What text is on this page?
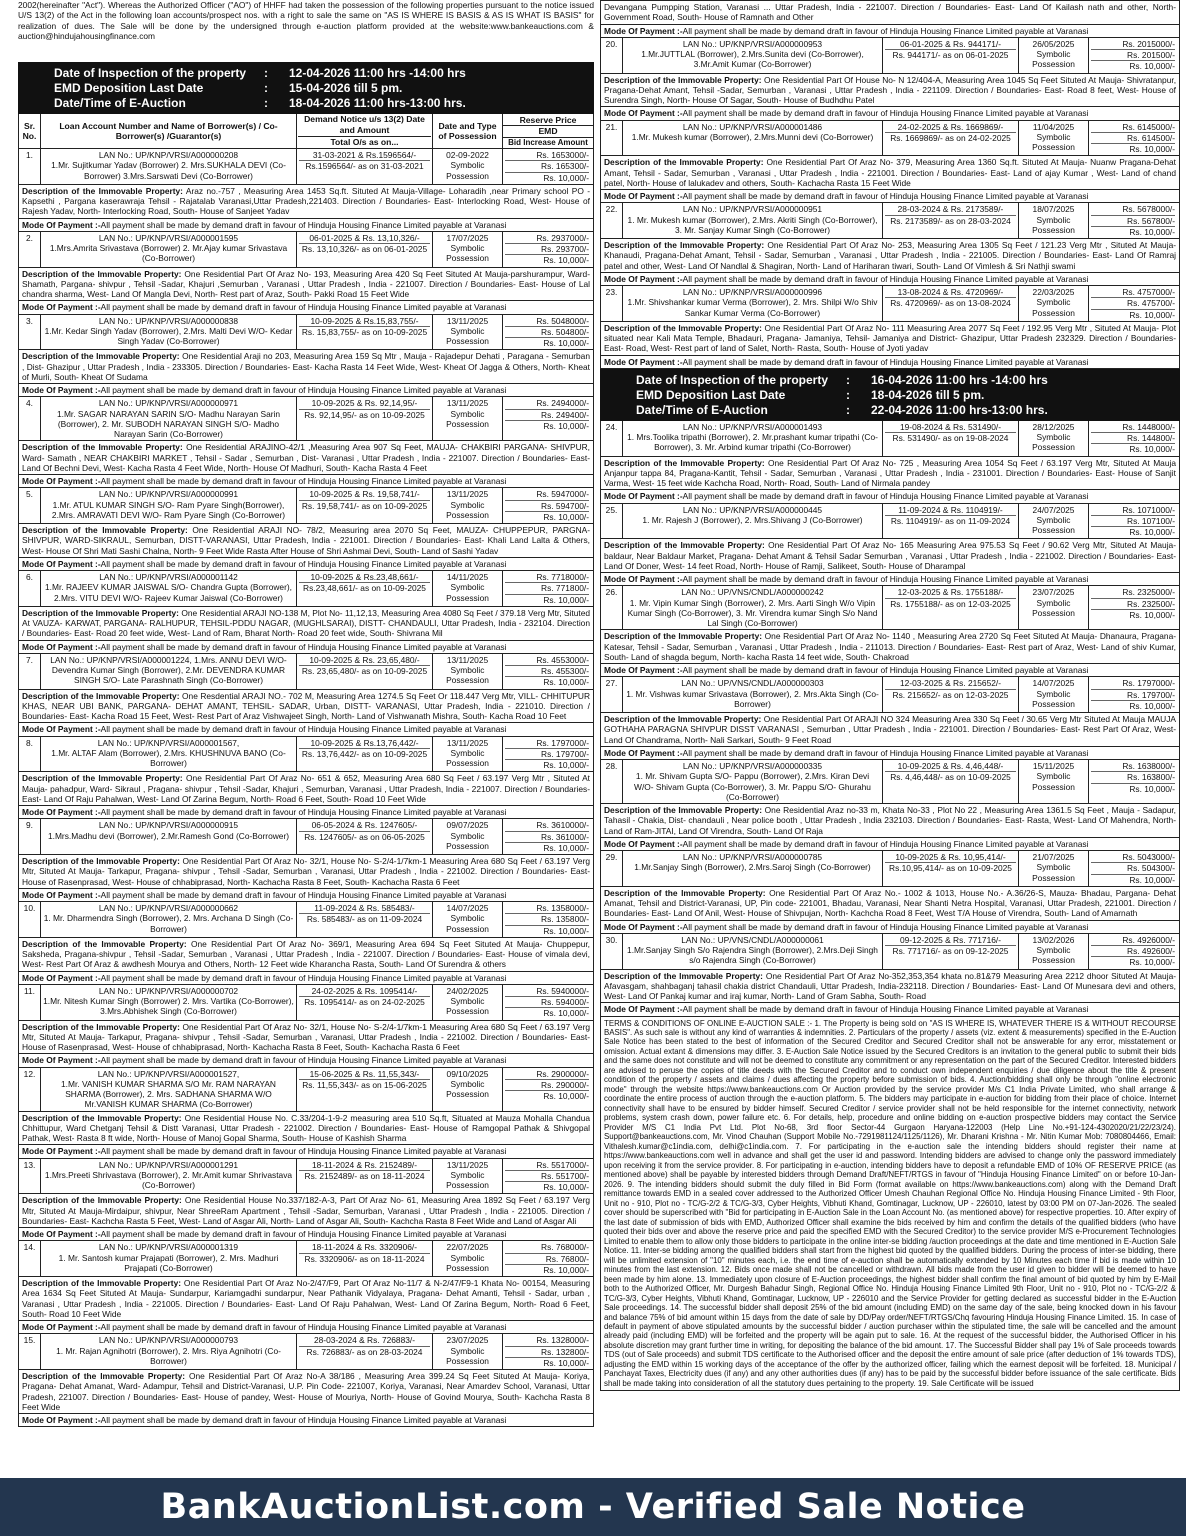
2002(hereinafter "Act"). Whereas the Authorized Officer ("AO") of HHFF had taken the possession of the following properties pursuant to the notice issued U/S 13(2) of the Act in the following loan accounts/prospect nos. with a right to sale the same on "AS IS WHERE IS BASIS & AS IS WHAT IS BASIS" for realization of dues. The Sale will be done by the undersigned through e-auction platform provided at the website:www.bankeauctions.com & auction@hindujahousingfinance.com
Date of Inspection of the property	:	12-04-2026 11:00 hrs -14:00 hrs
EMD Deposition Last Date	:	15-04-2026 till 5 pm.
Date/Time of E-Auction	:	18-04-2026 11:00 hrs-13:00 hrs.
Sr. No.
Loan Account Number and Name of Borrower(s) / Co-Borrower(s) /Guarantor(s)
Demand Notice u/s 13(2) Date and Amount
Total O/s as on...
Date and Type of Possession
Reserve Price
EMD
Bid Increase Amount
1.	LAN No.: UP/KNP/VRSI/A000000208
1.Mr. Sujitkumar Yadav (Borrower) 2. Mrs.SUKHALA DEVI (Co-Borrower) 3.Mrs.Sarswati Devi (Co-Borrower)
31-03-2021 & Rs.1596564/-
Rs.1596564/- as on 31-03-2021
02-09-2022
Symbolic Possession
Rs. 1653000/-
Rs. 165300/-
Rs. 10,000/-
Description of the Immovable Property: Araz no.-757 , Measuring Area 1453 Sq.ft. Situted At Mauja-Village- Loharadih ,near Primary school PO -Kapsethi , Pargana kaserawraja Tehsil - Rajatalab Varanasi,Uttar Pradesh,221403. Direction / Boundaries- East- Interlocking Road, West- House of Rajesh Yadav, North- Interlocking Road, South- House of Sanjeet Yadav
Mode Of Payment :-All payment shall be made by demand draft in favour of Hinduja Housing Finance Limited payable at Varanasi
2.	LAN No.: UP/KNP/VRSI/A000001595
1.Mrs.Amrita Srivastava (Borrower) 2. Mr.Ajay kumar Srivastava (Co-Borrower)
06-01-2025 & Rs. 13,10,326/-
Rs. 13,10,326/- as on 06-01-2025
17/07/2025
Symbolic Possession
Rs. 2937000/-
Rs. 293700/-
Rs. 10,000/-
Description of the Immovable Property: One Residential Part Of Araz No- 193, Measuring Area 420 Sq Feet Situted At Mauja-parshurampur, Ward- Shamath, Pargana- shivpur , Tehsil -Sadar, Khajuri ,Semurban , Varanasi , Uttar Pradesh , India - 221007. Direction / Boundaries- East- House of Lal chandra sharma, West- Land Of Mangla Devi, North- Rest part of Araz, South- Pakki Road 15 Feet Wide
Mode Of Payment :-All payment shall be made by demand draft in favour of Hinduja Housing Finance Limited payable at Varanasi
3.	LAN No.: UP/KNP/VRSI/A000000838
1.Mr. Kedar Singh Yadav (Borrower), 2.Mrs. Malti Devi W/O- Kedar Singh Yadav (Co-Borrower)
10-09-2025 & Rs.15,83,755/-
Rs. 15,83,755/- as on 10-09-2025
13/11/2025
Symbolic Possession
Rs. 5048000/-
Rs. 504800/-
Rs. 10,000/-
Description of the Immovable Property: One Residential Araji no 203, Measuring Area 159 Sq Mtr , Mauja - Rajadepur Dehati , Paragana - Semurban , Dist- Ghazipur , Uttar Pradesh , India - 233305. Direction / Boundaries- East- Kacha Rasta 14 Feet Wide, West- Kheat Of Jagga & Others, North- Kheat of Murli, South- Kheat Of Sudama
Mode Of Payment :-All payment shall be made by demand draft in favour of Hinduja Housing Finance Limited payable at Varanasi
4.	LAN No.: UP/KNP/VRSI/A000000971
1.Mr. SAGAR NARAYAN SARIN S/O- Madhu Narayan Sarin (Borrower), 2. Mr. SUBODH NARAYAN SINGH S/O- Madho Narayan Sarin (Co-Borrower)
10-09-2025 & Rs. 92,14,95/-
Rs. 92,14,95/- as on 10-09-2025
13/11/2025
Symbolic Possession
Rs. 2494000/-
Rs. 249400/-
Rs. 10,000/-
Description of the Immovable Property: One Residential ARAJINO-42/1 ,Measuring Area 907 Sq Feet, MAUJA- CHAKBIRI PARGANA- SHIVPUR, Ward- Samath , NEAR CHAKBIRI MARKET , Tehsil - Sadar , Semurban , Dist- Varanasi , Uttar Pradesh , India - 221007. Direction / Boundaries- East- Land Of Bechni Devi, West- Kacha Rasta 4 Feet Wide, North- House Of Madhuri, South- Kacha Rasta 4 Feet
Mode Of Payment :-All payment shall be made by demand draft in favour of Hinduja Housing Finance Limited payable at Varanasi
5.	LAN No.: UP/KNP/VRSI/A000000991
1.Mr. ATUL KUMAR SINGH S/O- Ram Pyare Singh(Borrower), 2.Mrs. AMRAVATI DEVI W/O- Ram Pyare Singh (Co-Borrower)
10-09-2025 & Rs. 19,58,741/-
Rs. 19,58,741/- as on 10-09-2025
13/11/2025
Symbolic Possession
Rs. 5947000/-
Rs. 594700/-
Rs. 10,000/-
Description of the Immovable Property: One Residential ARAJI NO- 78/2, Measuring area 2070 Sq Feet, MAUZA- CHUPPEPUR, PARGNA- SHIVPUR, WARD-SIKRAUL, Semurban, DISTT-VARANASI, Uttar Pradesh, India - 221001. Direction / Boundaries- East- Khali Land Lalta & Others, West- House Of Shri Mati Sashi Chalna, North- 9 Feet Wide Rasta After House of Shri Ashmai Devi, South- Land of Sashi Yadav
Mode Of Payment :-All payment shall be made by demand draft in favour of Hinduja Housing Finance Limited payable at Varanasi
6.	LAN No.: UP/KNP/VRSI/A000001142
1.Mr. RAJEEV KUMAR JAISWAL S/O- Chandra Gupta (Borrower), 2.Mrs. VITU DEVI W/O- Rajeev Kumar Jaiswal (Co-Borrower)
10-09-2025 & Rs.23,48,661/-
Rs.23,48,661/- as on 10-09-2025
14/11/2025
Symbolic Possession
Rs. 7718000/-
Rs. 771800/-
Rs. 10,000/-
Description of the Immovable Property: One Residential ARAJI NO-138 M, Plot No- 11,12,13, Measuring Area 4080 Sq Feet / 379.18 Verg Mtr, Situted At VAUZA- KARWAT, PARGANA- RALHUPUR, TEHSIL-PDDU NAGAR, (MUGHLSARAI), DISTT- CHANDAULI, Uttar Pradesh, India - 232104. Direction / Boundaries- East- Road 20 feet wide, West- Land of Ram, Bharat North- Road 20 feet wide, South- Shivrana Mil
Mode Of Payment :-All payment shall be made by demand draft in favour of Hinduja Housing Finance Limited payable at Varanasi
7.	LAN No.: UP/KNP/VRSI/A000001224, 1.Mrs. ANNU DEVI W/O- Devendra Kumar Singh (Borrower), 2.Mr. DEVENDRA KUMAR SINGH S/O- Late Parashnath Singh (Co-Borrower)
10-09-2025 & Rs. 23,65,480/-
Rs. 23,65,480/- as on 10-09-2025
13/11/2025
Symbolic Possession
Rs. 4553000/-
Rs. 455300/-
Rs. 10,000/-
Description of the Immovable Property: One Resdential ARAJI NO.- 702 M, Measuring Area 1274.5 Sq Feet Or 118.447 Verg Mtr, VILL- CHHITUPUR KHAS, NEAR UBI BANK, PARGANA- DEHAT AMANT, TEHSIL- SADAR, Urban, DISTT- VARANASI, Uttar Pradesh, India - 221010. Direction / Boundaries- East- Kacha Road 15 Feet, West- Rest Part of Araz Vishwajeet Singh, North- Land of Vishwanath Mishra, South- Kacha Road 10 Feet
Mode Of Payment :-All payment shall be made by demand draft in favour of Hinduja Housing Finance Limited payable at Varanasi
8.	LAN No.: UP/KNP/VRSI/A000001567,
1.Mr. ALTAF Alam (Borrower), 2.Mrs. KHUSHNUVA BANO (Co-Borrower)
10-09-2025 & Rs.13,76,442/-
Rs. 13,76,442/- as on 10-09-2025
13/11/2025
Symbolic Possession
Rs. 1797000/-
Rs. 179700/-
Rs. 10,000/-
Description of the Immovable Property: One Residential Part Of Araz No- 651 & 652, Measuring Area 680 Sq Feet / 63.197 Verg Mtr , Situted At Mauja- pahadpur, Ward- Sikraul , Pragana- shivpur , Tehsil -Sadar, Khajuri , Semurban, Varanasi , Uttar Pradesh, India - 221007. Direction / Boundaries- East- Land Of Raju Pahalwan, West- Land Of Zarina Begum, North- Road 6 Feet, South- Road 10 Feet Wide
Mode Of Payment :-All payment shall be made by demand draft in favour of Hinduja Housing Finance Limited payable at Varanasi
9.	LAN No.: UP/KNP/VRSI/A000000915
1.Mrs.Madhu devi (Borrower), 2.Mr.Ramesh Gond (Co-Borrower)
06-05-2024 & Rs. 1247605/-
Rs. 1247605/- as on 06-05-2025
09/07/2025
Symbolic Possession
Rs. 3610000/-
Rs. 361000/-
Rs. 10,000/-
Description of the Immovable Property: One Residential Part Of Araz No- 32/1, House No- S-2/4-1/7km-1 Measuring Area 680 Sq Feet / 63.197 Verg Mtr, Situted At Mauja- Tarkapur, Pragana- shivpur , Tehsil -Sadar, Semurban , Varanasi, Uttar Pradesh , India - 221002. Direction / Boundaries- East- House of Rasenprasad, West- House of chhabiprasad, North- Kachacha Rasta 8 Feet, South- Kachacha Rasta 6 Feet
Mode Of Payment :-All payment shall be made by demand draft in favour of Hinduja Housing Finance Limited payable at Varanasi
10.	LAN No.: UP/KNP/VRSI/A000000662
1. Mr. Dharmendra Singh (Borrower), 2. Mrs. Archana D Singh (Co-Borrower)
11-09-2024 & Rs. 585483/-
Rs. 585483/- as on 11-09-2024
14/07/2025
Symbolic Possession
Rs. 1358000/-
Rs. 135800/-
Rs. 10,000/-
Description of the Immovable Property: One Residential Part Of Araz No- 369/1, Measuring Area 694 Sq Feet Situted At Mauja- Chuppepur, Saksheda, Pragana-shivpur , Tehsil -Sadar, Semurban , Varanasi , Uttar Pradesh , India - 221007. Direction / Boundaries- East- House of vimala devi, West- Rest Part Of Araz & awdhesh Mourya and Others, North- 12 Feet wide Kharancha Rasta, South- Land Of Surendra & others
Mode Of Payment :-All payment shall be made by demand draft in favour of Hinduja Housing Finance Limited payable at Varanasi
11.	LAN No.: UP/KNP/VRSI/A000000702
1.Mr. Nitesh Kumar Singh (Borrower) 2. Mrs. Vartika (Co-Borrower), 3.Mrs.Abhishek Singh (Co-Borrower)
24-02-2025 & Rs. 1095414/-
Rs. 1095414/- as on 24-02-2025
24/02/2025
Symbolic Possession
Rs. 5940000/-
Rs. 594000/-
Rs. 10,000/-
Description of the Immovable Property: One Residential Part Of Araz No- 32/1, House No- S-2/4-1/7km-1 Measuring Area 680 Sq Feet / 63.197 Verg Mtr, Situted At Mauja- Tarkapur, Pragana- shivpur , Tehsil -Sadar, Semurban , Varanasi, Uttar Pradesh , India - 221002. Direction / Boundaries- East- House of Rasenprasad, West- House of chhabiprasad, North- Kachacha Rasta 8 Feet, South- Kachacha Rasta 6 Feet
Mode Of Payment :-All payment shall be made by demand draft in favour of Hinduja Housing Finance Limited payable at Varanasi
12.	LAN No.: UP/KNP/VRSI/A000001527,
1.Mr. VANISH KUMAR SHARMA S/O Mr. RAM NARAYAN SHARMA (Borrower), 2. Mrs. SADHANA SHARMA W/O Mr.VANISH KUMAR SHARMA (Co-Borrower)
15-06-2025 & Rs. 11,55,343/-
Rs. 11,55,343/- as on 15-06-2025
09/10/2025
Symbolic Possession
Rs. 2900000/-
Rs. 290000/-
Rs. 10,000/-
Description of the Immovable Property: One Residential House No. C.33/204-1-9-2 measuring area 510 Sq.ft, Situated at Mauza Mohalla Chandua Chhittupur, Ward Chetganj Tehsil & Distt Varanasi, Uttar Pradesh - 221002. Direction / Boundaries- East- House of Ramgopal Pathak & Shivgopal Pathak, West- Rasta 8 ft wide, North- House of Manoj Gopal Sharma, South- House of Kashish Sharma
Mode Of Payment :-All payment shall be made by demand draft in favour of Hinduja Housing Finance Limited payable at Varanasi
13.	LAN No.: UP/KNP/VRSI/A000001291
1.Mrs.Preeti Shrivastava (Borrower), 2. Mr.Amit kumar Shrivastava (Co-Borrower)
18-11-2024 & Rs. 2152489/-
Rs. 2152489/- as on 18-11-2024
13/11/2025
Symbolic Possession
Rs. 5517000/-
Rs. 551700/-
Rs. 10,000/-
Description of the Immovable Property: One Residential House No.337/182-A-3, Part Of Araz No- 61, Measuring Area 1892 Sq Feet / 63.197 Verg Mtr, Situted At Mauja-Mirdaipur, shivpur, Near ShreeRam Apartment , Tehsil -Sadar, Semurban, Varanasi , Uttar Pradesh , India - 221005. Direction / Boundaries- East- Kachcha Rasta 5 Feet, West- Land of Asgar Ali, North- Land of Asgar Ali, South- Kachcha Rasta 8 Feet Wide and Land of Asgar Ali
Mode Of Payment :-All payment shall be made by demand draft in favour of Hinduja Housing Finance Limited payable at Varanasi
14.	LAN No.: UP/KNP/VRSI/A000001319
1. Mr. Santosh kumar Prajapati (Borrower), 2. Mrs. Madhuri Prajapati (Co-Borrower)
18-11-2024 & Rs. 3320906/-
Rs. 3320906/- as on 18-11-2024
22/07/2025
Symbolic Possession
Rs. 768000/-
Rs. 76800/-
Rs. 10,000/-
Description of the Immovable Property: One Residential Part Of Araz No-2/47/F9, Part Of Araz No-11/7 & N-2/47/F9-1 Khata No- 00154, Measuring Area 1634 Sq Feet Situted At Mauja- Sundarpur, Kariamgadhi sundarpur, Near Pathanik Vidyalaya, Pragana- Dehat Amanti, Tehsil - Sadar, urban , Varanasi , Uttar Pradesh , India - 221005. Direction / Boundaries- East- Land Of Raju Pahalwan, West- Land Of Zarina Begum, North- Road 6 Feet, South- Road 10 Feet Wide
Mode Of Payment :-All payment shall be made by demand draft in favour of Hinduja Housing Finance Limited payable at Varanasi
15.	LAN No.: UP/KNP/VRSI/A000000793
1. Mr. Rajan Agnihotri (Borrower), 2. Mrs. Riya Agnihotri (Co-Borrower)
28-03-2024 & Rs. 726883/-
Rs. 726883/- as on 28-03-2024
23/07/2025
Symbolic Possession
Rs. 1328000/-
Rs. 132800/-
Rs. 10,000/-
Description of the Immovable Property: One Residential Part Of Araz No-A 38/186 , Measuring Area 399.24 Sq Feet Situted At Mauja- Koriya, Pragana- Dehat Amanat, Ward- Adampur, Tehsil and District-Varanasi, U.P. Pin Code- 221007, Koriya, Varanasi, Near Amardev School, Varanasi, Uttar Pradesh, 221007. Direction / Boundaries- East- House of pandey, West- House of Mouriya, North- House of Govind Mourya, South- Kachcha Rasta 8 Feet Wide
Mode Of Payment :-All payment shall be made by demand draft in favour of Hinduja Housing Finance Limited payable at Varanasi
Devangana Pumpping Station, Varanasi ... Uttar Pradesh, India - 221007. Direction / Boundaries- East- Land Of Kailash nath and other, North- Government Road, South- House of Ramnath and Other
Mode Of Payment :-All payment shall be made by demand draft in favour of Hinduja Housing Finance Limited payable at Varanasi
20.	LAN No.: UP/KNP/VRSI/A000000953
1.Mr.JUTTLAL (Borrower), 2.Mrs.Sunita devi (Co-Borrower), 3.Mr.Amit Kumar (Co-Borrower)
06-01-2025 & Rs. 944171/-
Rs. 944171/- as on 06-01-2025
26/05/2025
Symbolic Possession
Rs. 2015000/-
Rs. 201500/-
Rs. 10,000/-
Description of the Immovable Property: One Residential Part Of House No- N 12/404-A, Measuring Area 1045 Sq Feet Situted At Mauja- Shivratanpur, Pragana-Dehat Amant, Tehsil -Sadar, Semurban , Varanasi , Uttar Pradesh , India - 221109. Direction / Boundaries- East- Road 8 feet, West- House of Surendra Singh, North- House Of Sagar, South- House of Budhdhu Patel
Mode Of Payment :-All payment shall be made by demand draft in favour of Hinduja Housing Finance Limited payable at Varanasi
21.	LAN No.: UP/KNP/VRSI/A000001486
1.Mr. Mukesh kumar (Borrower), 2.Mrs.Munni devi (Co-Borrower)
24-02-2025 & Rs. 1669869/-
Rs. 1669869/- as on 24-02-2025
11/04/2025
Symbolic Possession
Rs. 6145000/-
Rs. 614500/-
Rs. 10,000/-
Description of the Immovable Property: One Residential Part Of Araz No- 379, Measuring Area 1360 Sq.ft. Situted At Mauja- Nuanw Pragana-Dehat Amant, Tehsil - Sadar, Semurban , Varanasi , Uttar Pradesh , India - 221001. Direction / Boundaries- East- Land of ajay Kumar , West- Land of chand patel, North- House of lalukadev and others, South- Kachacha Rasta 15 Feet Wide
Mode Of Payment :-All payment shall be made by demand draft in favour of Hinduja Housing Finance Limited payable at Varanasi
22.	LAN No.: UP/KNP/VRSI/A000000951
1. Mr. Mukesh kumar (Borrower), 2.Mrs. Akriti Singh (Co-Borrower), 3. Mr. Sanjay Kumar Singh (Co-Borrower)
28-03-2024 & Rs. 2173589/-
Rs. 2173589/- as on 28-03-2024
18/07/2025
Symbolic Possession
Rs. 5678000/-
Rs. 567800/-
Rs. 10,000/-
Description of the Immovable Property: One Residential Part Of Araz No- 253, Measuring Area 1305 Sq Feet / 121.23 Verg Mtr , Situted At Mauja- Khanaudi, Pragana-Dehat Amant, Tehsil - Sadar, Semurban , Varanasi , Uttar Pradesh , India - 221005. Direction / Boundaries- East- Land Of Ramraj patel and other, West- Land Of Nandlal & Shagiran, North- Land of Hariharan tiwari, South- Land Of Vimlesh & Sri Nathji swami
Mode Of Payment :-All payment shall be made by demand draft in favour of Hinduja Housing Finance Limited payable at Varanasi
23.	LAN No.: UP/KNP/VRSI/A000000996
1.Mr. Shivshankar kumar Verma (Borrower), 2. Mrs. Shilpi W/o Shiv Sankar Kumar Verma (Co-Borrower)
13-08-2024 & Rs. 4720969/-
Rs. 4720969/- as on 13-08-2024
22/03/2025
Symbolic Possession
Rs. 4757000/-
Rs. 475700/-
Rs. 10,000/-
Description of the Immovable Property: One Residential Part Of Araz No- 111 Measuring Area 2077 Sq Feet / 192.95 Verg Mtr , Situted At Mauja- Plot situated near Kali Mata Temple, Bhadauri, Pragana- Jamaniya, Tehsil- Jamaniya and District- Ghazipur, Uttar Pradesh 232329. Direction / Boundaries- East- Road, West- Rest part of land of Salet, North- Rasta, South- House of Jyoti yadav
Mode Of Payment :-All payment shall be made by demand draft in favour of Hinduja Housing Finance Limited payable at Varanasi
Date of Inspection of the property	:	16-04-2026 11:00 hrs -14:00 hrs
EMD Deposition Last Date	:	18-04-2026 till 5 pm.
Date/Time of E-Auction	:	22-04-2026 11:00 hrs-13:00 hrs.
24.	LAN No.: UP/KNP/VRSI/A000001493
1. Mrs.Toolika tripathi (Borrower), 2. Mr.prashant kumar tripathi (Co-Borrower), 3. Mr. Arbind kumar tripathi (Co-Borrower)
19-08-2024 & Rs. 531490/-
Rs. 531490/- as on 19-08-2024
28/12/2025
Symbolic Possession
Rs. 1448000/-
Rs. 144800/-
Rs. 10,000/-
Description of the Immovable Property: One Residential Part Of Araz No- 725 , Measuring Area 1054 Sq Feet / 63.197 Verg Mtr, Situted At Mauja Anjanpur tappa 84, Pragana-Kantit, Tehsil - Sadar, Semurban , Varanasi , Uttar Pradesh , India - 231001. Direction / Boundaries- East- House of Sanjit Varma, West- 15 feet wide Kachcha Road, North- Road, South- Land of Nirmala pandey
Mode Of Payment :-All payment shall be made by demand draft in favour of Hinduja Housing Finance Limited payable at Varanasi
25.	LAN No.: UP/KNP/VRSI/A000000445
1. Mr. Rajesh J (Borrower), 2. Mrs.Shivang J (Co-Borrower)
11-09-2024 & Rs. 1104919/-
Rs. 1104919/- as on 11-09-2024
24/07/2025
Symbolic Possession
Rs. 1071000/-
Rs. 107100/-
Rs. 10,000/-
Description of the Immovable Property: One Residential Part Of Araz No- 165 Measuring Area 975.53 Sq Feet / 90.62 Verg Mtr, Situted At Mauja- baldaur, Near Baldaur Market, Pragana- Dehat Amant & Tehsil Sadar Semurban , Varanasi , Uttar Pradesh , India - 221002. Direction / Boundaries- East- Land Of Doner, West- 14 feet Road, North- House of Ramji, Salikeet, South- House of Dharampal
Mode Of Payment :-All payment shall be made by demand draft in favour of Hinduja Housing Finance Limited payable at Varanasi
26.	LAN No.: UP/VNS/CNDL/A000000242
1. Mr. Vipin Kumar Singh (Borrower), 2. Mrs. Aarti Singh W/o Vipin Kumar Singh (Co-Borrower), 3. Mr. Virendra kumar Singh S/o Nand Lal Singh (Co-Borrower)
12-03-2025 & Rs. 1755188/-
Rs. 1755188/- as on 12-03-2025
23/07/2025
Symbolic Possession
Rs. 2325000/-
Rs. 232500/-
Rs. 10,000/-
Description of the Immovable Property: One Residential Part Of Araz No- 1140 , Measuring Area 2720 Sq Feet Situted At Mauja- Dhanaura, Pragana- Katesar, Tehsil - Sadar, Semurban , Varanasi , Uttar Pradesh , India - 211013. Direction / Boundaries- East- Rest part of Araz, West- Land of shiv Kumar, South- Land of shagda begum, North- kacha Rasta 14 feet wide, South- Chakroad
Mode Of Payment :-All payment shall be made by demand draft in favour of Hinduja Housing Finance Limited payable at Varanasi
27.	LAN No.: UP/VNS/CNDL/A000000303
1. Mr. Vishwas kumar Srivastava (Borrower), 2. Mrs.Akta Singh (Co-Borrower)
12-03-2025 & Rs. 215652/-
Rs. 215652/- as on 12-03-2025
14/07/2025
Symbolic Possession
Rs. 1797000/-
Rs. 179700/-
Rs. 10,000/-
Description of the Immovable Property: One Residential Part Of ARAJI NO 324 Measuring Area 330 Sq Feet / 30.65 Verg Mtr Situted At Mauja MAUJA GOTHAHA PARAGNA SHIVPUR DISST VARANASI , Semurban , Uttar Pradesh , India - 221001. Direction / Boundaries- East- Rest Part Of Araz, West- Land Of Chandrama, North- Nali Sarkari, South- 9 Feet Road
Mode Of Payment :-All payment shall be made by demand draft in favour of Hinduja Housing Finance Limited payable at Varanasi
28.	LAN No.: UP/KNP/VRSI/A000000335
1. Mr. Shivam Gupta S/O- Pappu (Borrower), 2.Mrs. Kiran Devi W/O- Shivam Gupta (Co-Borrower), 3. Mr. Pappu S/O- Ghurahu (Co-Borrower)
10-09-2025 & Rs. 4,46,448/-
Rs. 4,46,448/- as on 10-09-2025
15/11/2025
Symbolic Possession
Rs. 1638000/-
Rs. 163800/-
Rs. 10,000/-
Description of the Immovable Property: One Residential Araz no-33 m, Khata No-33 , Plot No 22 , Measuring Area 1361.5 Sq Feet , Mauja - Sadapur, Tahasil - Chakia, Dist- chandauli , Near police booth , Uttar Pradesh , India 232103. Direction / Boundaries- East- Rasta, West- Land Of Mahendra, North- Land of Ram-JITAI, Land Of Virendra, South- Land Of Raja
Mode Of Payment :-All payment shall be made by demand draft in favour of Hinduja Housing Finance Limited payable at Varanasi
29.	LAN No.: UP/KNP/VRSI/A000000785
1.Mr.Sanjay Singh (Borrower), 2.Mrs.Saroj Singh (Co-Borrower)
10-09-2025 & Rs. 10,95,414/-
Rs.10,95,414/- as on 10-09-2025
21/07/2025
Symbolic Possession
Rs. 5043000/-
Rs. 504300/-
Rs. 10,000/-
Description of the Immovable Property: One Residential Part Of Araz No.- 1002 & 1013, House No.- A.36/26-S, Mauza- Bhadau, Pargana- Dehat Amanat, Tehsil and District-Varanasi, UP, Pin code- 221001, Bhadau, Varanasi, Near Shanti Netra Hospital, Varanasi, Uttar Pradesh, 221001. Direction / Boundaries- East- Land Of Anil, West- House of Shivpujan, North- Kachcha Road 8 Feet, West T/A House of Virendra, South- Land of Amarnath
Mode Of Payment :-All payment shall be made by demand draft in favour of Hinduja Housing Finance Limited payable at Varanasi
30.	LAN No.: UP/VNS/CNDL/A000000061
1.Mr.Sanjay Singh S/o Rajendra Singh (Borrower), 2.Mrs.Deji Singh s/o Rajendra Singh (Co-Borrower)
09-12-2025 & Rs. 771716/-
Rs. 771716/- as on 09-12-2025
13/02/2026
Symbolic Possession
Rs. 4926000/-
Rs. 492600/-
Rs. 10,000/-
Description of the Immovable Property: One Residential Part Of Araz No-352,353,354 khata no.81&79 Measuring Area 2212 dhoor Situted At Mauja- Afavasgam, shahbaganj tahasil chakia district Chandauli, Uttar Pradesh, India-232118. Direction / Boundaries- East- Land Of Munesara devi and others, West- Land Of Pankaj kumar and iraj kumar, North- Land of Gram Sabha, South- Road
Mode Of Payment :-All payment shall be made by demand draft in favour of Hinduja Housing Finance Limited payable at Varanasi
TERMS & CONDITIONS OF ONLINE E-AUCTION SALE :- 1. The Property is being sold on "AS IS WHERE IS, WHATEVER THERE IS & WITHOUT RECOURSE BASIS". As such sale is without any kind of warranties & indemnities. 2. Particulars of the property / assets (viz. extent & measurements) specified in the E-Auction Sale Notice has been stated to the best of information of the Secured Creditor and Secured Creditor shall not be answerable for any error, misstatement or omission. Actual extant & dimensions may differ. 3. E-Auction Sale Notice issued by the Secured Creditors is an invitation to the general public to submit their bids and the same does not constitute and will not be deemed to constitute any commitment or any representation on the part of the Secured Creditor. Interested bidders are advised to peruse the copies of title deeds with the Secured Creditor and to conduct own independent enquiries / due diligence about the title & present condition of the property / assets and claims / dues affecting the property before submission of bids. 4. Auction/bidding shall only be through "online electronic mode" through the website https://www.bankeauctions.com Or Auction provided by the service provider M/s C1 India Private Limited, who shall arrange & coordinate the entire process of auction through the e-auction platform. 5. The bidders may participate in e-auction for bidding from their place of choice. Internet connectivity shall have to be ensured by bidder himself. Secured Creditor / service provider shall not be held responsible for the internet connectivity, network problems, system crash down, power failure etc. 6. For details, help, procedure and online bidding on e-auction prospective bidders may contact the Service Provider M/S C1 India Pvt Ltd. Plot No-68, 3rd floor Sector-44 Gurgaon Haryana-122003 (Help Line No.+91-124-4302020/21/22/23/24). Support@bankeauctions.com, Mr. Vinod Chauhan (Support Mobile No.-7291981124/1125/1126), Mr. Dharani Krishna - Mr. Nitin Kumar Mob: 7080804466, Email: Vithalesh.kumar@c1india.com, delhi@c1india.com. 7. For participating in the e-auction sale the intending bidders should register their name at https://www.bankeauctions.com well in advance and shall get the user id and password. Intending bidders are advised to change only the password immediately upon receiving it from the service provider. 8. For participating in e-auction, intending bidders have to deposit a refundable EMD of 10% OF RESERVE PRICE (as mentioned above) shall be payable by interested bidders through Demand Draft/NEFT/RTGS in favour of "Hinduja Housing Finance Limited" on or before 10-Jan-2026. 9. The intending bidders should submit the duly filled in Bid Form (format available on https://www.bankeauctions.com) along with the Demand Draft remittance towards EMD in a sealed cover addressed to the Authorized Officer Umesh Chauhan Regional Office No. Hinduja Housing Finance Limited - 9th Floor, Unit no - 910, Plot no - TC/G-2/2 & TC/G-3/3, Cyber Heights, Vibhuti Khand, Gomtinagar, Lucknow, UP - 226010, latest by 03:00 PM on 07-Jan-2026. The sealed cover should be superscribed with "Bid for participating in E-Auction Sale in the Loan Account No. (as mentioned above) for respective properties. 10. After expiry of the last date of submission of bids with EMD, Authorized Officer shall examine the bids received by him and confirm the details of the qualified bidders (who have quoted their bids over and above the reserve price and paid the specified EMD with the Secured Creditor) to the service provider M/S e-Procurement Technologies Limited to enable them to allow only those bidders to participate in the online inter-se bidding /auction proceedings at the date and time mentioned in E-Auction Sale Notice. 11. Inter-se bidding among the qualified bidders shall start from the highest bid quoted by the qualified bidders. During the process of inter-se bidding, there will be unlimited extension of "10" minutes each, i.e. the end time of e-auction shall be automatically extended by 10 Minutes each time if bid is made within 10 minutes from the last extension. 12. Bids once made shall not be cancelled or withdrawn. All bids made from the user id given to bidder will be deemed to have been made by him alone. 13. Immediately upon closure of E-Auction proceedings, the highest bidder shall confirm the final amount of bid quoted by him by E-Mail both to the Authorized Officer, Mr. Durgesh Bahadur Singh, Regional Office No. Hinduja Housing Finance Limited 9th Floor, Unit no - 910, Plot no - TC/G-2/2 & TC/G-3/3, Cyber Heights, Vibhuti Khand, Gomtinagar, Lucknow, UP - 226010 and the Service Provider for getting declared as successful bidder in the E-Auction Sale proceedings. 14. The successful bidder shall deposit 25% of the bid amount (including EMD) on the same day of the sale, being knocked down in his favour and balance 75% of bid amount within 15 days from the date of sale by DD/Pay order/NEFT/RTGS/Chq favouring Hinduja Housing Finance Limited. 15. In case of default in payment of above stipulated amounts by the successful bidder / auction purchaser within the stipulated time, the sale will be cancelled and the amount already paid (including EMD) will be forfeited and the property will be again put to sale. 16. At the request of the successful bidder, the Authorised Officer in his absolute discretion may grant further time in writing, for depositing the balance of the bid amount. 17. The Successful Bidder shall pay 1% of Sale proceeds towards TDS (out of Sale proceeds) and submit TDS certificate to the Authorised officer and the deposit the entire amount of sale price (after deduction of 1% towards TDS), adjusting the EMD within 15 working days of the acceptance of the offer by the authorized officer, failing which the earnest deposit will be forfeited. 18. Municipal / Panchayat Taxes, Electricity dues (if any) and any other authorities dues (if any) has to be paid by the successful bidder before issuance of the sale certificate. Bids shall be made taking into consideration of all the statutory dues pertaining to the property. 19. Sale Certificate will be issued
BankAuctionList.com - Verified Sale Notice
